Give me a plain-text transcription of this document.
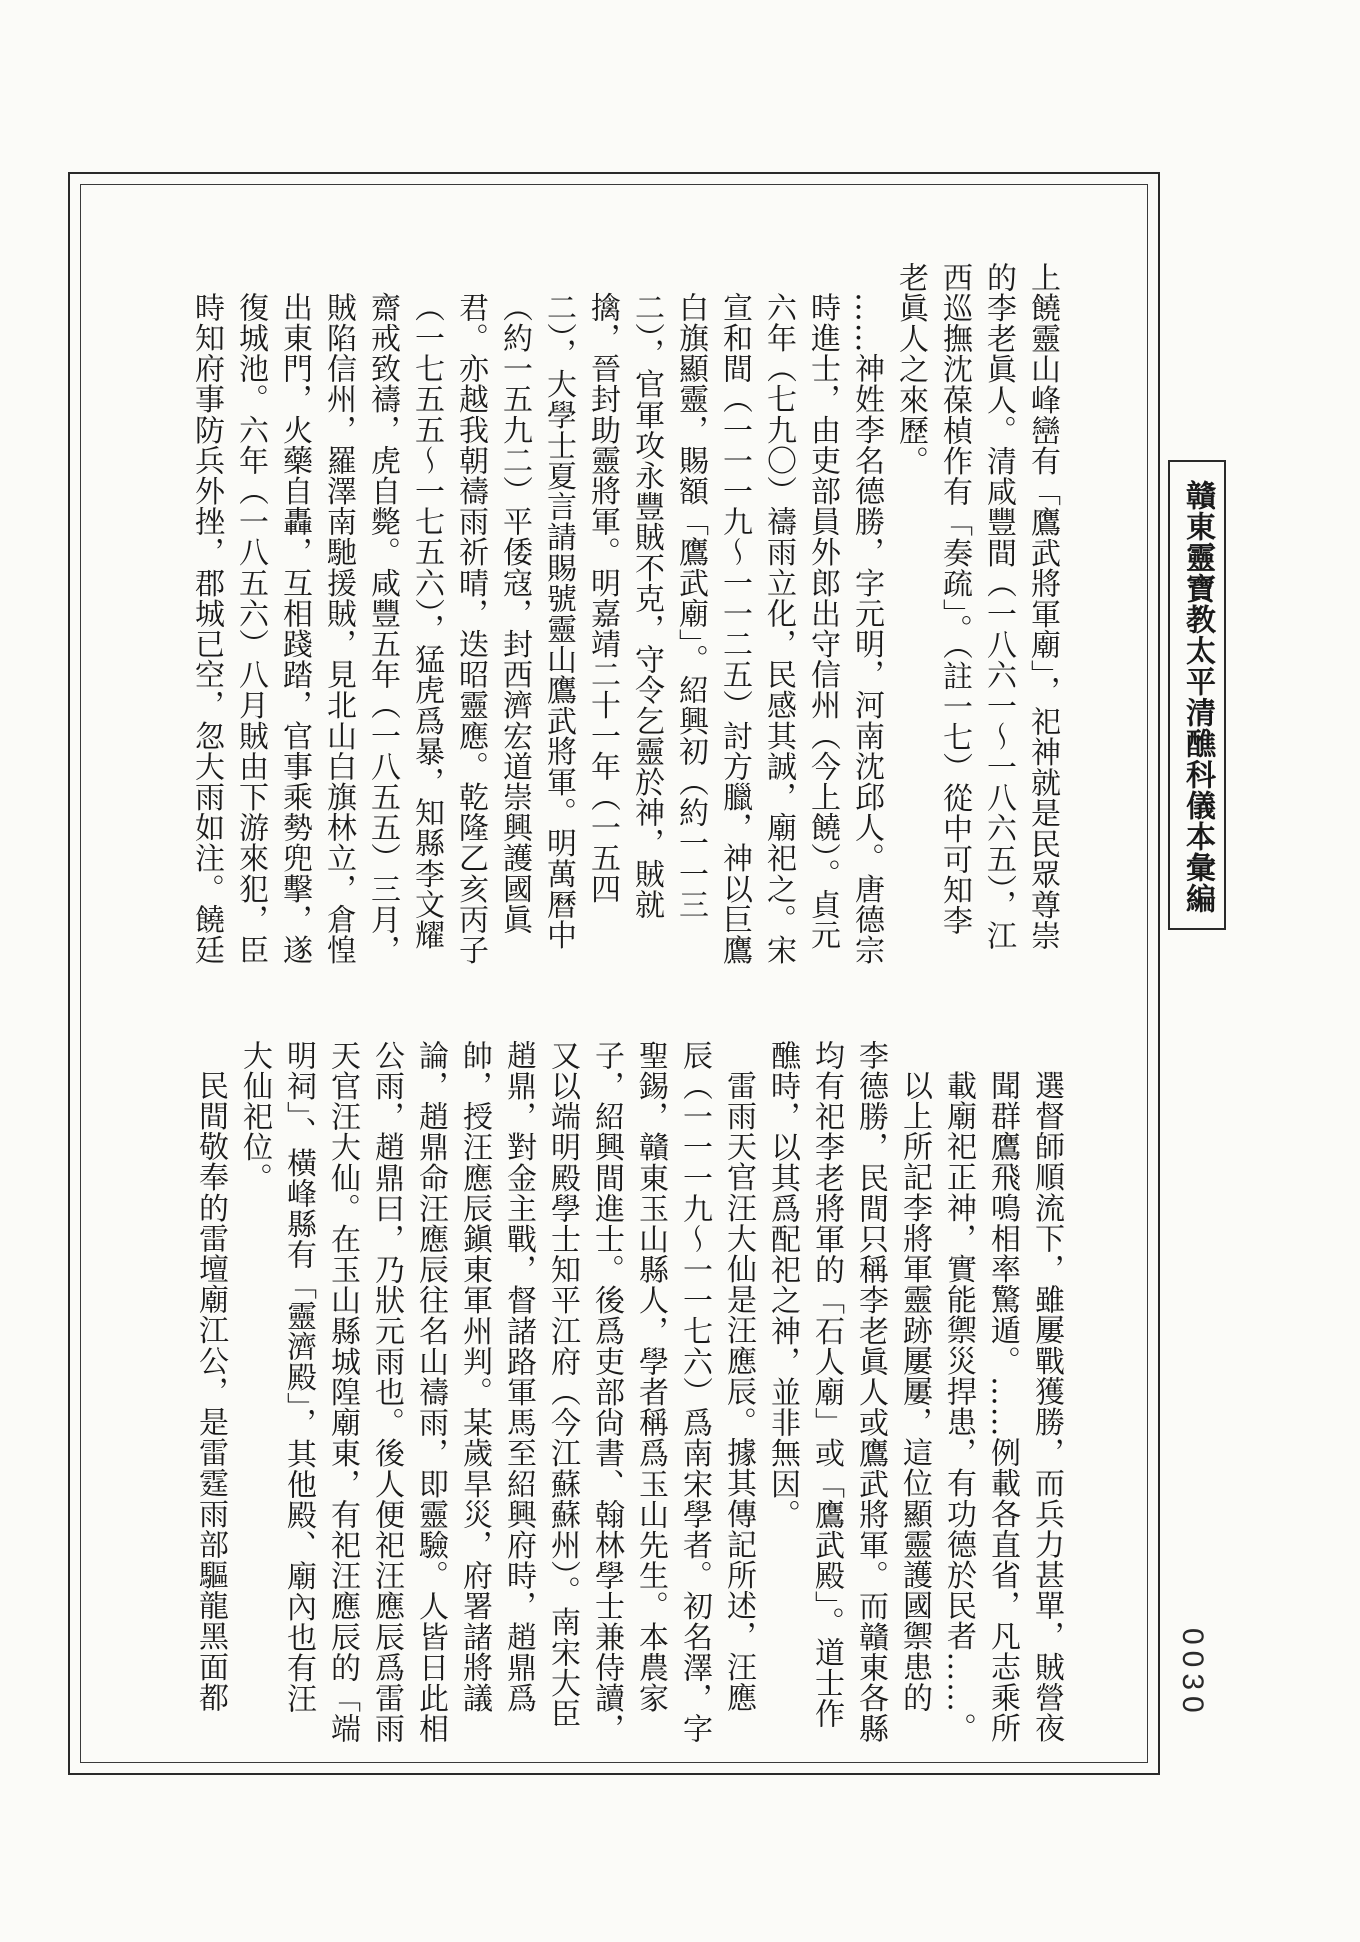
贛東靈寶教太平清醮科儀本彙編
0030
上饒靈山峰巒有「鷹武將軍廟」，祀神就是民眾尊崇
的李老眞人。清咸豐間（一八六一～一八六五），江
西巡撫沈葆楨作有「奏疏」。（註一七）從中可知李
老眞人之來歷。
……神姓李名德勝，字元明，河南沈邱人。唐德宗
時進士，由吏部員外郎出守信州（今上饒）。貞元
六年（七九〇）禱雨立化，民感其誠，廟祀之。宋
宣和間（一一一九～一一二五）討方臘，神以巨鷹
白旗顯靈，賜額「鷹武廟」。紹興初（約一一三
二），官軍攻永豐賊不克，守令乞靈於神，賊就
擒，晉封助靈將軍。明嘉靖二十一年（一五四
二），大學士夏言請賜號靈山鷹武將軍。明萬曆中
（約一五九二）平倭寇，封西濟宏道崇興護國眞
君。亦越我朝禱雨祈晴，迭昭靈應。乾隆乙亥丙子
（一七五五～一七五六），猛虎爲暴，知縣李文耀
齋戒致禱，虎自斃。咸豐五年（一八五五）三月，
賊陷信州，羅澤南馳援賊，見北山白旗林立，倉惶
出東門，火藥自轟，互相踐踏，官事乘勢兜擊，遂
復城池。六年（一八五六）八月賊由下游來犯，臣
時知府事防兵外挫，郡城已空，忽大雨如注。饒廷
選督師順流下，雖屢戰獲勝，而兵力甚單，賊營夜
聞群鷹飛鳴相率驚遁。……例載各直省，凡志乘所
載廟祀正神，實能禦災捍患，有功德於民者……。
以上所記李將軍靈跡屢屢，這位顯靈護國禦患的
李德勝，民間只稱李老眞人或鷹武將軍。而贛東各縣
均有祀李老將軍的「石人廟」或「鷹武殿」。道士作
醮時，以其爲配祀之神，並非無因。
雷雨天官汪大仙是汪應辰。據其傳記所述，汪應
辰（一一一九～一一七六）爲南宋學者。初名澤，字
聖錫，贛東玉山縣人，學者稱爲玉山先生。本農家
子，紹興間進士。後爲吏部尙書、翰林學士兼侍讀，
又以端明殿學士知平江府（今江蘇蘇州）。南宋大臣
趙鼎，對金主戰，督諸路軍馬至紹興府時，趙鼎爲
帥，授汪應辰鎭東軍州判。某歲旱災，府署諸將議
論，趙鼎命汪應辰往名山禱雨，即靈驗。人皆日此相
公雨，趙鼎曰，乃狀元雨也。後人便祀汪應辰爲雷雨
天官汪大仙。在玉山縣城隍廟東，有祀汪應辰的「端
明祠」、橫峰縣有「靈濟殿」，其他殿、廟內也有汪
大仙祀位。
民間敬奉的雷壇廟江公，是雷霆雨部驅龍黑面都
